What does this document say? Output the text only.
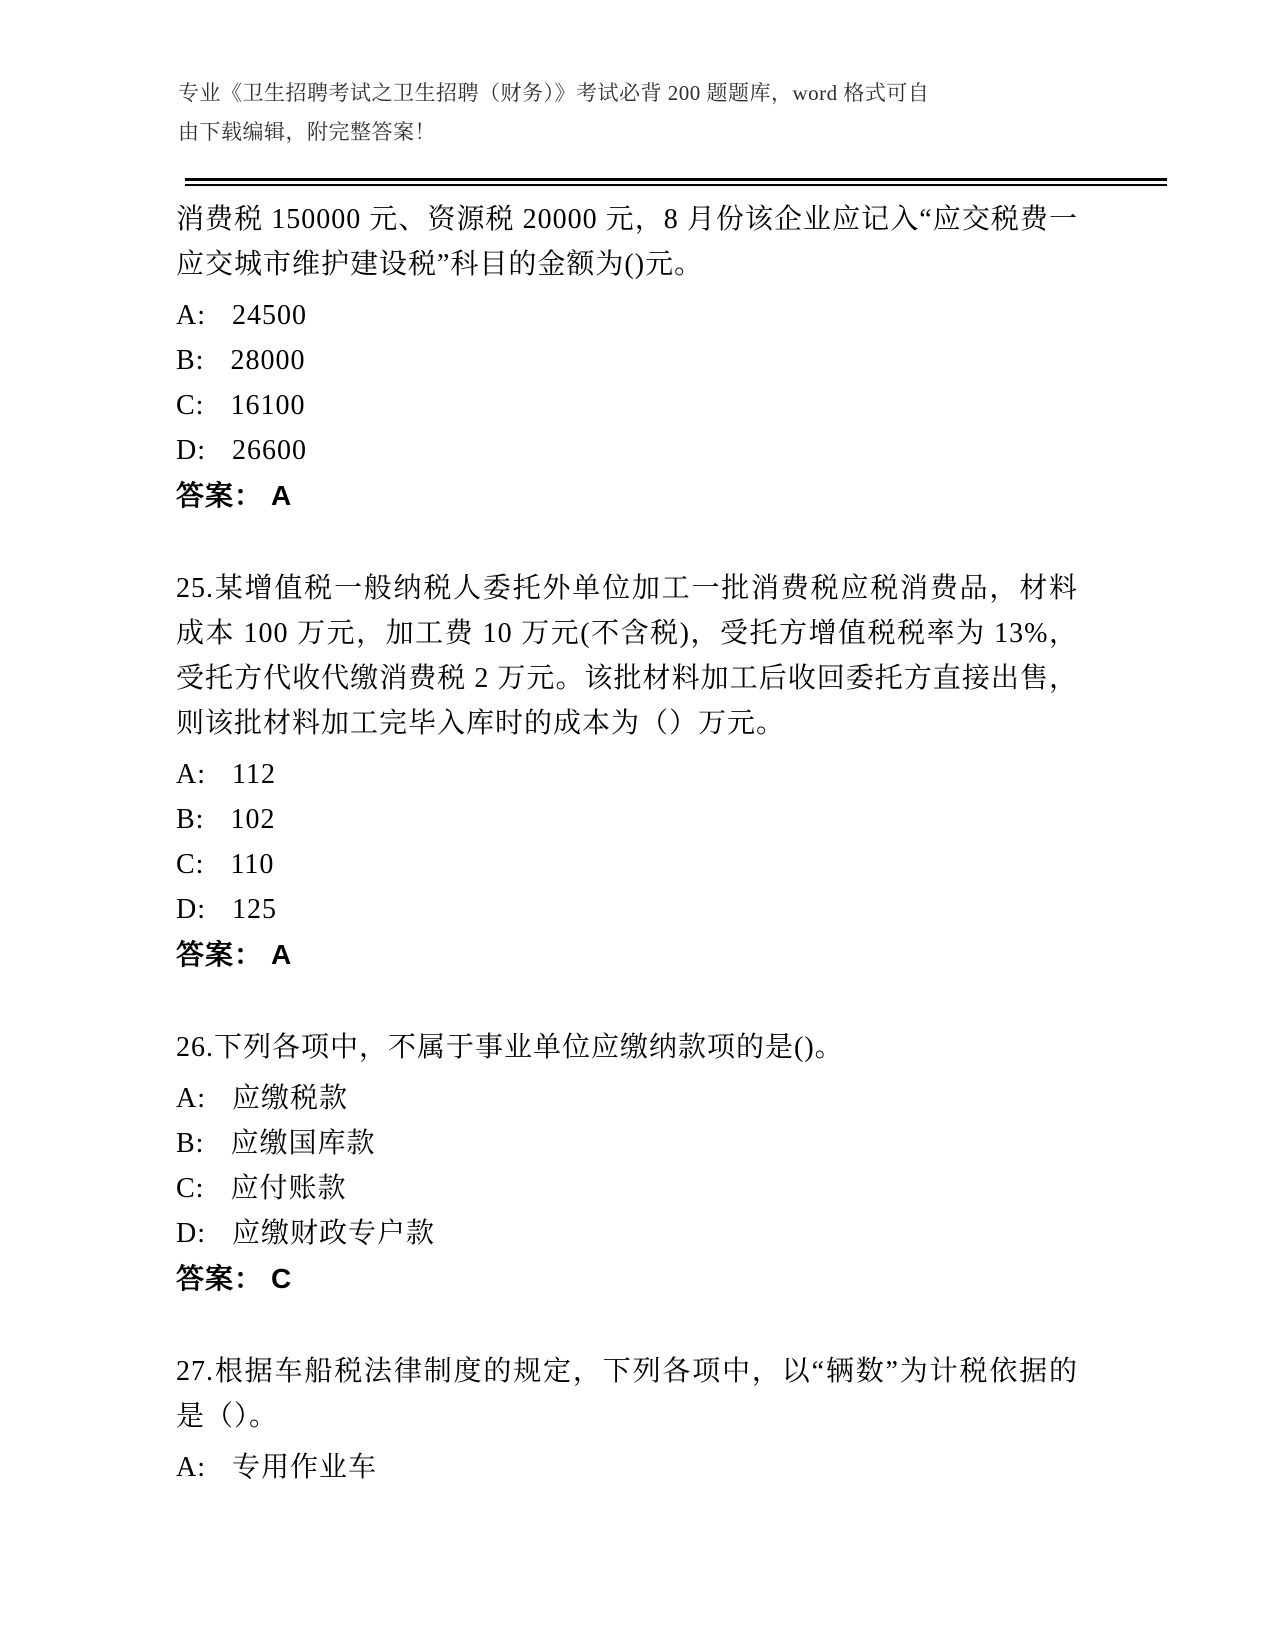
专业《卫生招聘考试之卫生招聘（财务）》考试必背 200 题题库，word 格式可自
由下载编辑，附完整答案！

消费税 150000 元、资源税 20000 元，8 月份该企业应记入“应交税费一应交城市维护建设税”科目的金额为()元。

A: 24500
B: 28000
C: 16100
D: 26600
答案： A

25.某增值税一般纳税人委托外单位加工一批消费税应税消费品，材料成本 100 万元，加工费 10 万元(不含税)，受托方增值税税率为 13%，受托方代收代缴消费税 2 万元。该批材料加工后收回委托方直接出售，则该批材料加工完毕入库时的成本为（）万元。

A: 112
B: 102
C: 110
D: 125
答案： A

26.下列各项中，不属于事业单位应缴纳款项的是()。

A: 应缴税款
B: 应缴国库款
C: 应付账款
D: 应缴财政专户款
答案： C

27.根据车船税法律制度的规定，下列各项中，以“辆数”为计税依据的是（）。

A: 专用作业车
